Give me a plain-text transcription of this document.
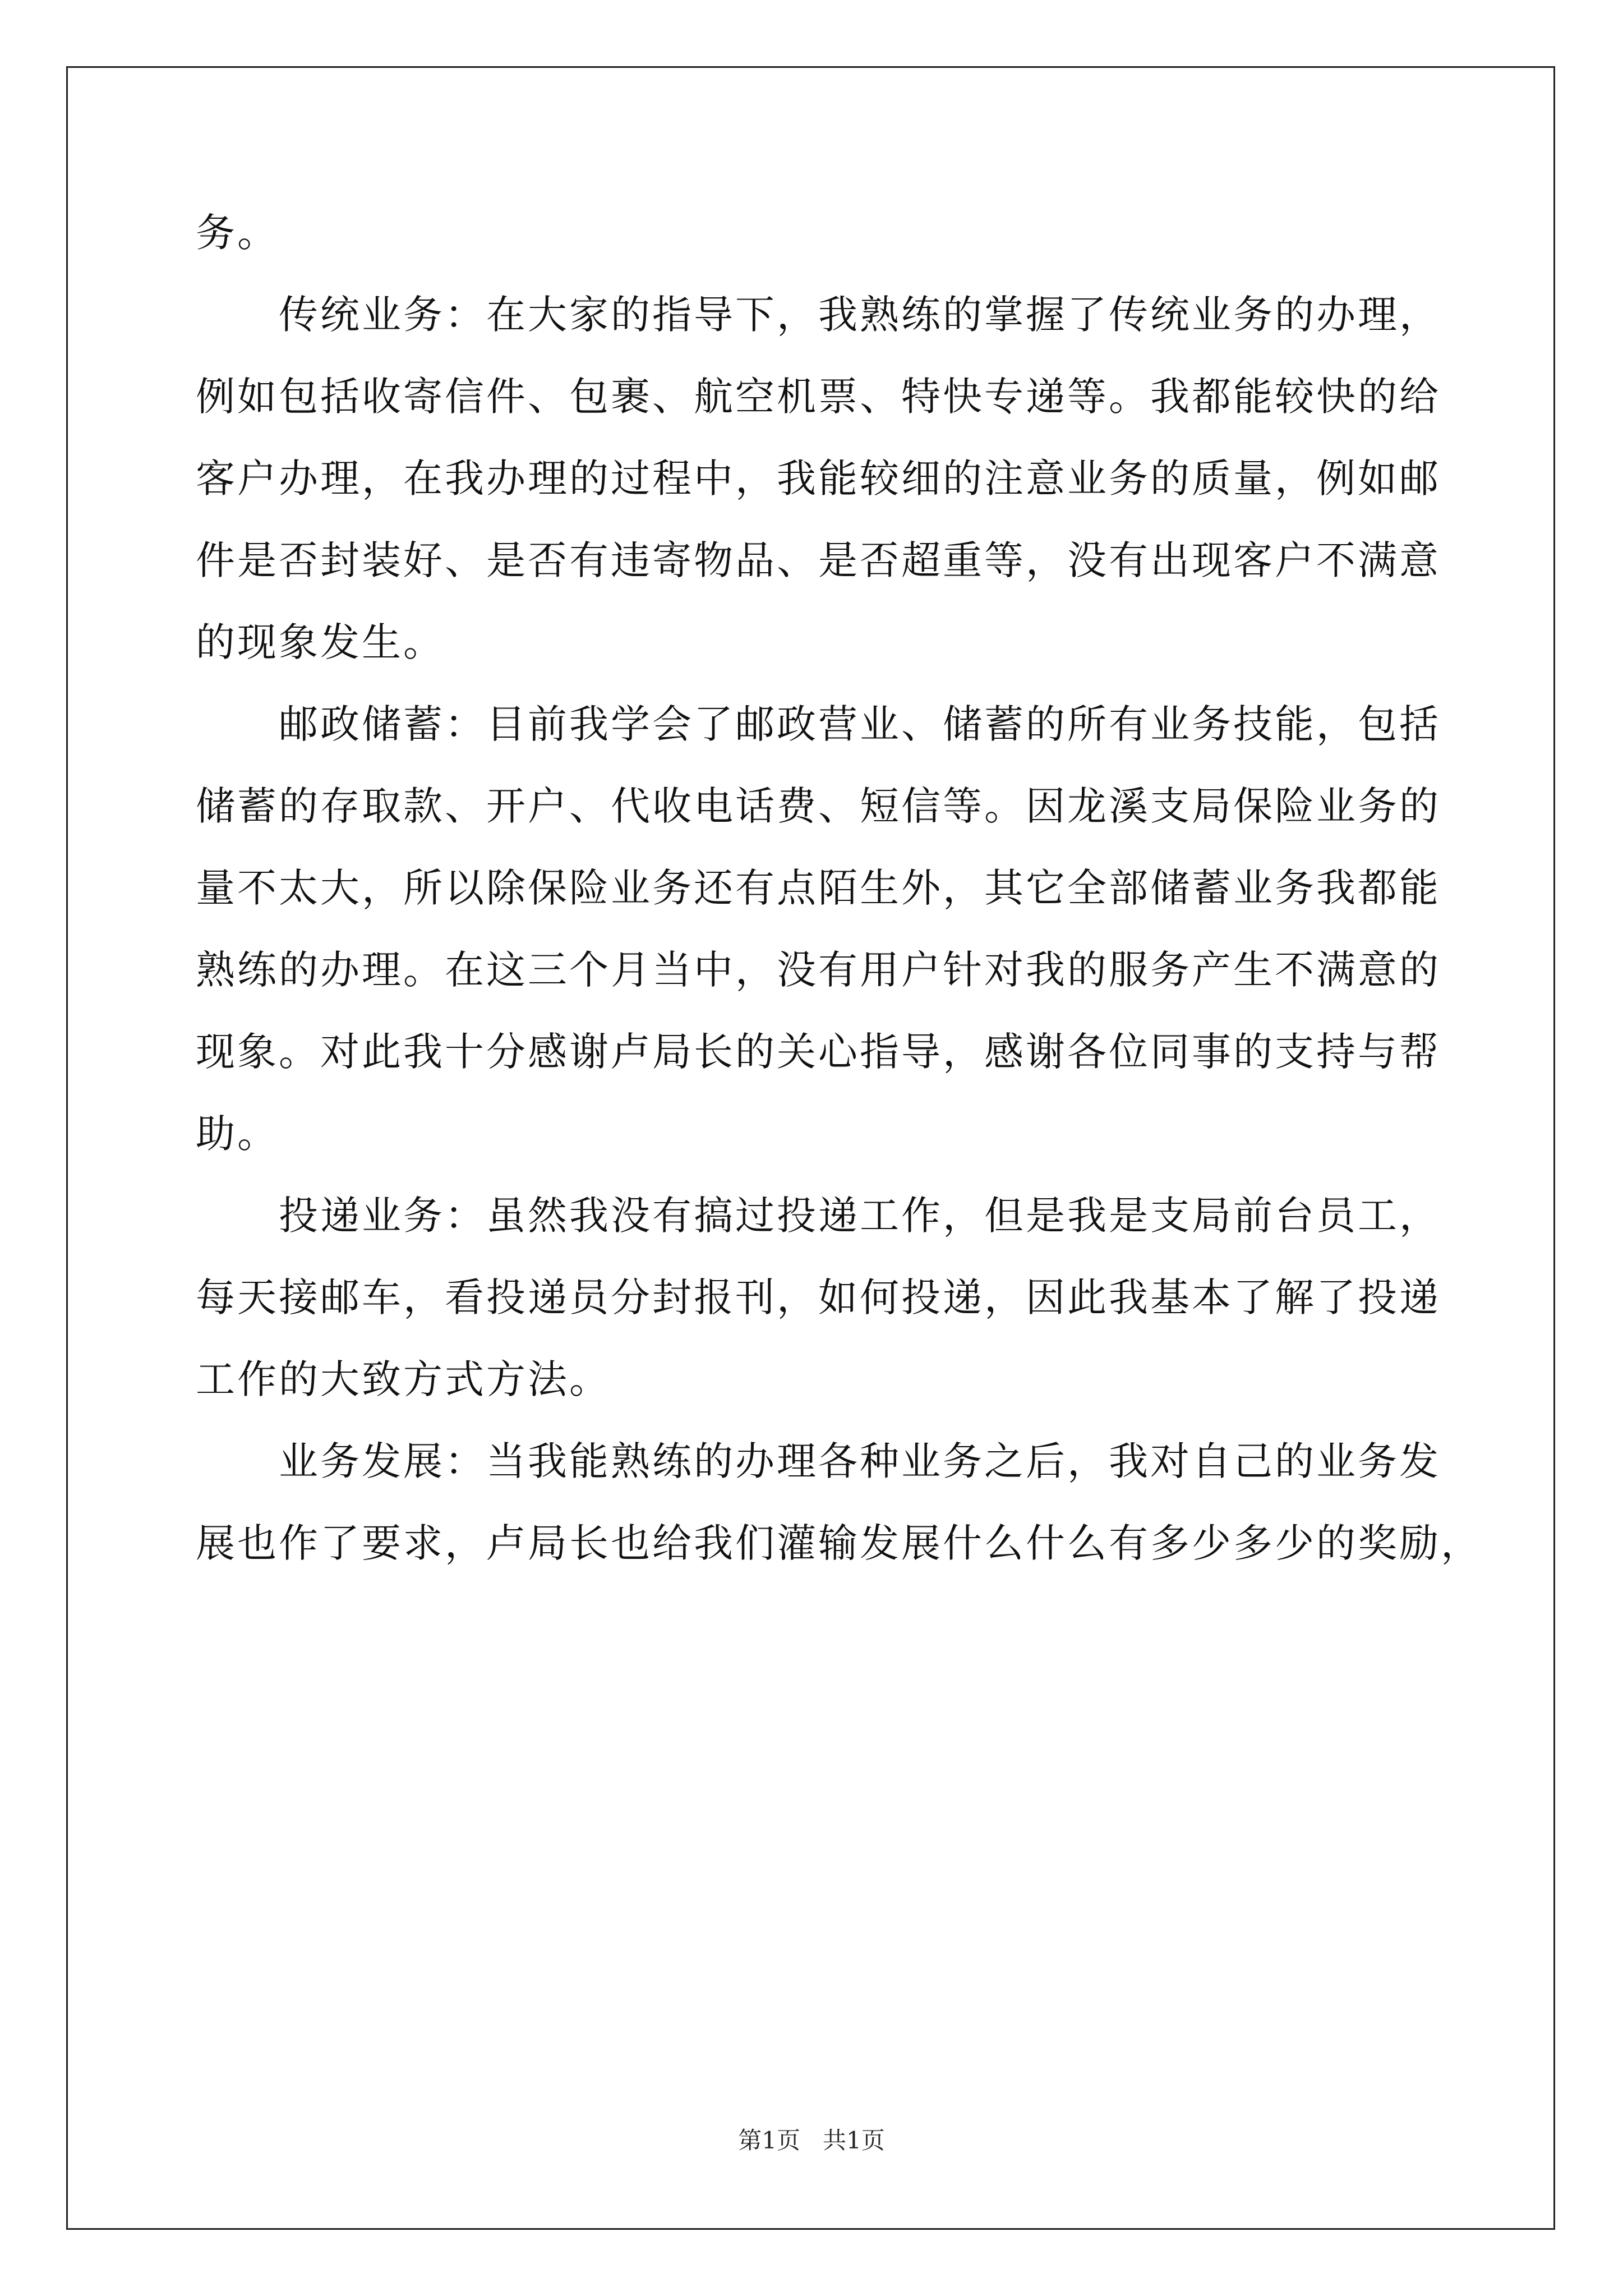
务。
传统业务：在大家的指导下，我熟练的掌握了传统业务的办理，
例如包括收寄信件、包裹、航空机票、特快专递等。我都能较快的给
客户办理，在我办理的过程中，我能较细的注意业务的质量，例如邮
件是否封装好、是否有违寄物品、是否超重等，没有出现客户不满意
的现象发生。
邮政储蓄：目前我学会了邮政营业、储蓄的所有业务技能，包括
储蓄的存取款、开户、代收电话费、短信等。因龙溪支局保险业务的
量不太大，所以除保险业务还有点陌生外，其它全部储蓄业务我都能
熟练的办理。在这三个月当中，没有用户针对我的服务产生不满意的
现象。对此我十分感谢卢局长的关心指导，感谢各位同事的支持与帮
助。
投递业务：虽然我没有搞过投递工作，但是我是支局前台员工，
每天接邮车，看投递员分封报刊，如何投递，因此我基本了解了投递
工作的大致方式方法。
业务发展：当我能熟练的办理各种业务之后，我对自己的业务发
展也作了要求，卢局长也给我们灌输发展什么什么有多少多少的奖励，
第1页   共1页
